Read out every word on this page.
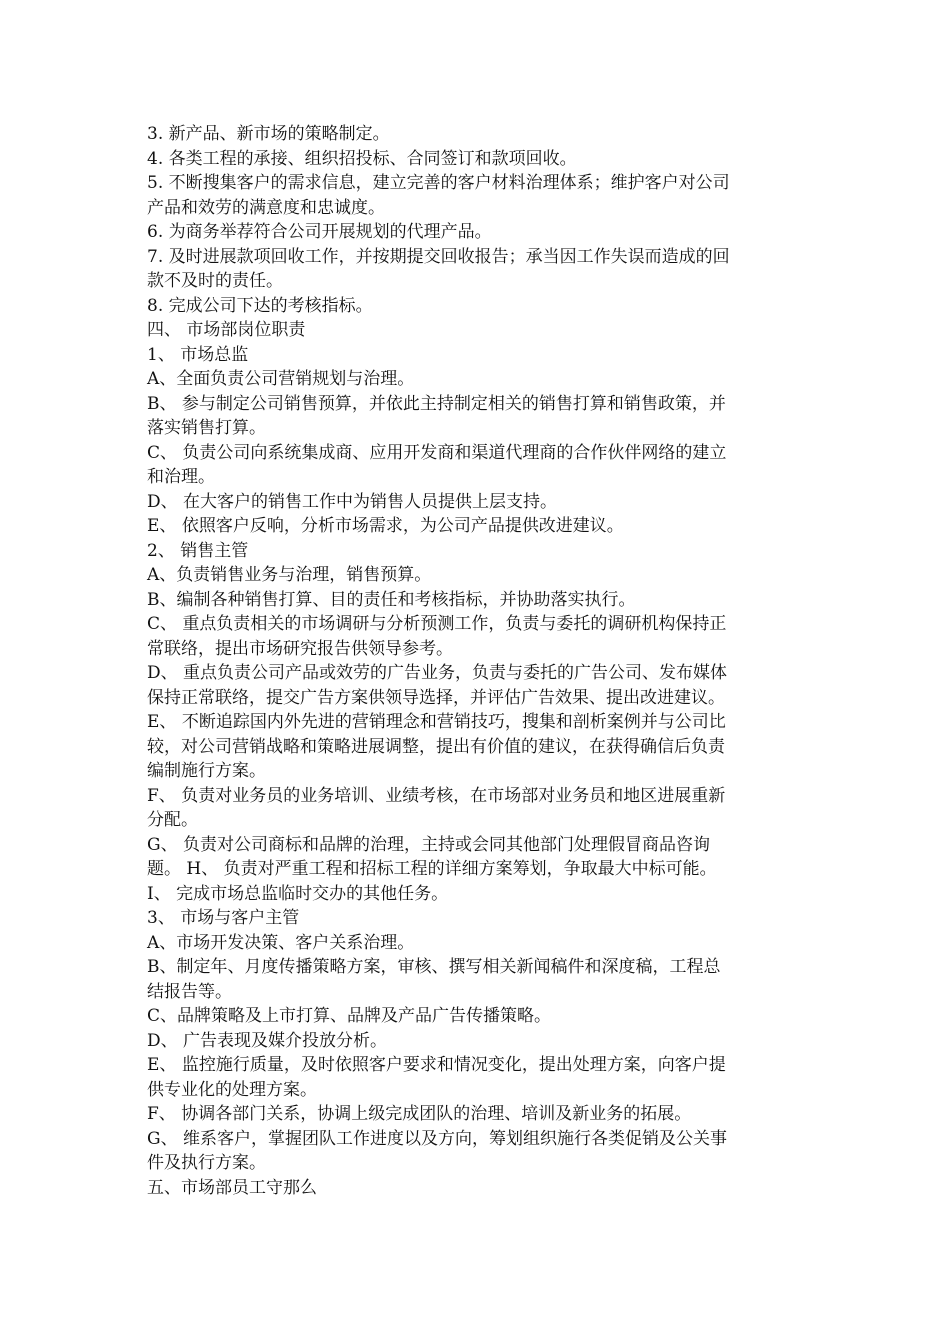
3. 新产品、新市场的策略制定。
4. 各类工程的承接、组织招投标、合同签订和款项回收。
5. 不断搜集客户的需求信息，建立完善的客户材料治理体系；维护客户对公司
产品和效劳的满意度和忠诚度。
6. 为商务举荐符合公司开展规划的代理产品。
7. 及时进展款项回收工作，并按期提交回收报告；承当因工作失误而造成的回
款不及时的责任。
8. 完成公司下达的考核指标。
四、 市场部岗位职责
1、 市场总监
A、全面负责公司营销规划与治理。
B、 参与制定公司销售预算，并依此主持制定相关的销售打算和销售政策，并
落实销售打算。
C、 负责公司向系统集成商、应用开发商和渠道代理商的合作伙伴网络的建立
和治理。
D、 在大客户的销售工作中为销售人员提供上层支持。
E、 依照客户反响，分析市场需求，为公司产品提供改进建议。
2、 销售主管
A、负责销售业务与治理，销售预算。
B、编制各种销售打算、目的责任和考核指标，并协助落实执行。
C、 重点负责相关的市场调研与分析预测工作，负责与委托的调研机构保持正
常联络，提出市场研究报告供领导参考。
D、 重点负责公司产品或效劳的广告业务，负责与委托的广告公司、发布媒体
保持正常联络，提交广告方案供领导选择，并评估广告效果、提出改进建议。
E、 不断追踪国内外先进的营销理念和营销技巧，搜集和剖析案例并与公司比
较，对公司营销战略和策略进展调整，提出有价值的建议，在获得确信后负责
编制施行方案。
F、 负责对业务员的业务培训、业绩考核，在市场部对业务员和地区进展重新
分配。
G、 负责对公司商标和品牌的治理，主持或会同其他部门处理假冒商品咨询
题。 H、 负责对严重工程和招标工程的详细方案筹划，争取最大中标可能。
I、 完成市场总监临时交办的其他任务。
3、 市场与客户主管
A、市场开发决策、客户关系治理。
B、制定年、月度传播策略方案，审核、撰写相关新闻稿件和深度稿，工程总
结报告等。
C、品牌策略及上市打算、品牌及产品广告传播策略。
D、 广告表现及媒介投放分析。
E、 监控施行质量，及时依照客户要求和情况变化，提出处理方案，向客户提
供专业化的处理方案。
F、 协调各部门关系，协调上级完成团队的治理、培训及新业务的拓展。
G、 维系客户，掌握团队工作进度以及方向，筹划组织施行各类促销及公关事
件及执行方案。
五、市场部员工守那么
